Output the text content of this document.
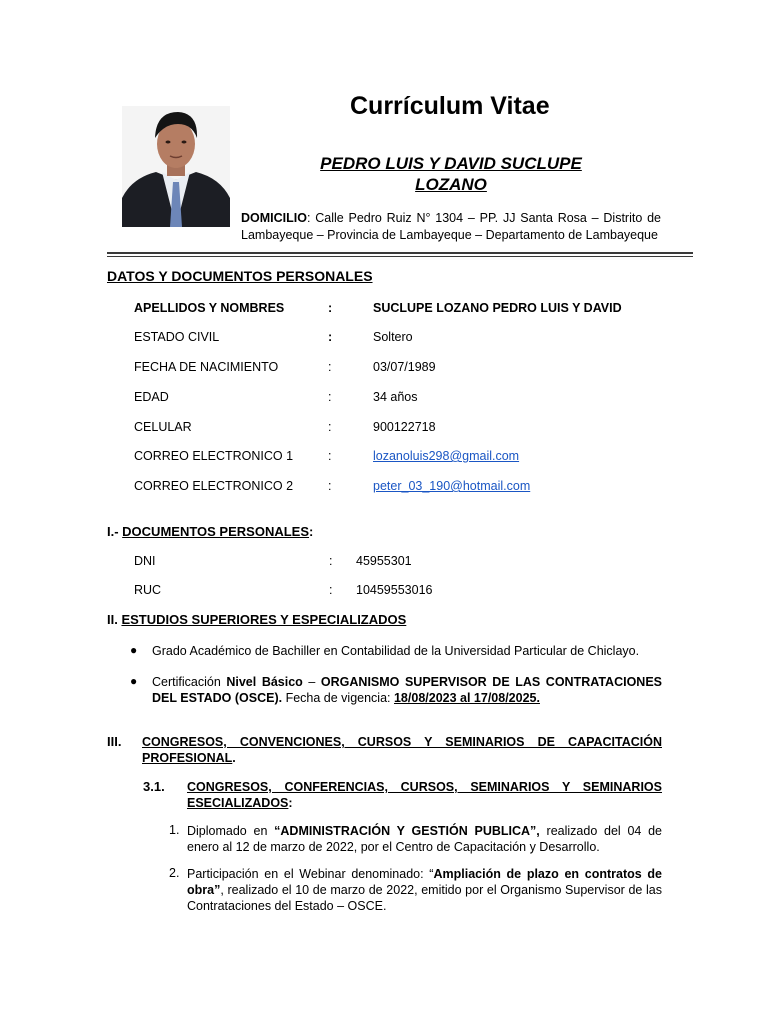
Currículum Vitae
PEDRO LUIS Y DAVID SUCLUPE
LOZANO
DOMICILIO: Calle Pedro Ruiz N° 1304 – PP. JJ Santa Rosa – Distrito de Lambayeque – Provincia de Lambayeque – Departamento de Lambayeque
DATOS Y DOCUMENTOS PERSONALES
APELLIDOS Y NOMBRES	:	SUCLUPE LOZANO PEDRO LUIS Y DAVID
ESTADO CIVIL	:	Soltero
FECHA DE NACIMIENTO	:	03/07/1989
EDAD	:	34 años
CELULAR	:	900122718
CORREO ELECTRONICO 1	:	lozanoluis298@gmail.com
CORREO ELECTRONICO 2	:	peter_03_190@hotmail.com
I.- DOCUMENTOS PERSONALES:
DNI	: 45955301
RUC	: 10459553016
II. ESTUDIOS SUPERIORES Y ESPECIALIZADOS
● Grado Académico de Bachiller en Contabilidad de la Universidad Particular de Chiclayo.
● Certificación Nivel Básico – ORGANISMO SUPERVISOR DE LAS CONTRATACIONES DEL ESTADO (OSCE). Fecha de vigencia: 18/08/2023 al 17/08/2025.
III. CONGRESOS, CONVENCIONES, CURSOS Y SEMINARIOS DE CAPACITACIÓN
PROFESIONAL.
3.1. CONGRESOS, CONFERENCIAS, CURSOS, SEMINARIOS Y SEMINARIOS ESECIALIZADOS:
1. Diplomado en “ADMINISTRACIÓN Y GESTIÓN PUBLICA”, realizado del 04 de enero al 12 de marzo de 2022, por el Centro de Capacitación y Desarrollo.
2. Participación en el Webinar denominado: “Ampliación de plazo en contratos de obra”, realizado el 10 de marzo de 2022, emitido por el Organismo Supervisor de las Contrataciones del Estado – OSCE.
